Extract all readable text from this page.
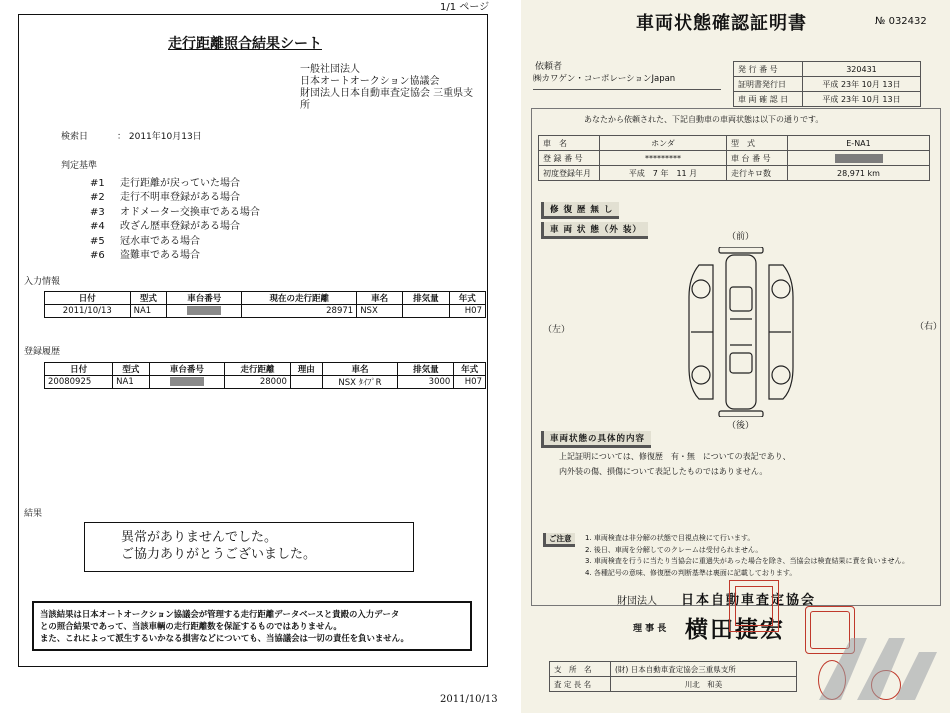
1/1 ページ
走行距離照合結果シート
一般社団法人
日本オートオークション協議会
財団法人日本自動車査定協会 三重県支
所
検索日	： 2011年10月13日
判定基準
#1 走行距離が戻っていた場合
#2 走行不明車登録がある場合
#3 オドメーター交換車である場合
#4 改ざん歴車登録がある場合
#5 冠水車である場合
#6 盗難車である場合
入力情報
日付	型式	車台番号	現在の走行距離	車名	排気量	年式
2011/10/13	NA1		28971	NSX		H07
登録履歴
日付	型式	車台番号	走行距離	理由	車名	排気量	年式
20080925	NA1		28000		NSX ﾀｲﾌﾟR	3000	H07
結果
異常がありませんでした。
ご協力ありがとうございました。
当該結果は日本オートオークション協議会が管理する走行距離データベースと貴殿の入力データ
との照合結果であって、当該車輌の走行距離数を保証するものではありません。
また、これによって派生するいかなる損害などについても、当協議会は一切の責任を負いません。
2011/10/13
車両状態確認証明書	№ 032432
依頼者
㈱カワゲン・コーポレーションJapan
発 行 番 号	320431
証明書発行日	平成 23年 10月 13日
車 両 確 認 日	平成 23年 10月 13日
あなたから依頼された、下記自動車の車両状態は以下の通りです。
車　名	ホンダ	型　式	E-NA1
登 録 番 号	*********	車 台 番 号	
初度登録年月	平成　7 年　11 月	走行キロ数	28,971 km
修 復 歴 無 し
車 両 状 態（外 装）
（前）
（左）	（右）
（後）
車両状態の具体的内容
上記証明については、修復歴　有・無　についての表記であり、
内外装の傷、損傷について表記したものではありません。
ご注意	1. 車両検査は非分解の状態で目視点検にて行います。
2. 後日、車両を分解してのクレームは受付られません。
3. 車両検査を行うに当たり当協会に重過失があった場合を除き、当協会は検査結果に責を負いません。
4. 各種記号の意味、修復歴の判断基準は裏面に記載しております。
財団法人 日本自動車査定協会
理 事 長 横田捷宏
支　所　名	(財) 日本自動車査定協会三重県支所
査 定 長 名	川北　和美
